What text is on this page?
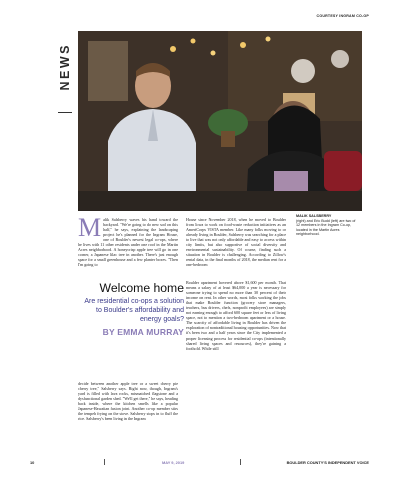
COURTESY INGRAM CO-OP
NEWS
MALIK SALSBERRY
(right) and Eric Budd (left) are two of 12 members in the Ingram Co-op, located in the Martin Acres neighborhood.
M alik Salsberry waves his hand toward the backyard. "We're going to do new sod on this half," he says, explaining the landscaping project he's planned for the Ingram House, one of Boulder's newest legal co-ops, where he lives with 11 other residents under one roof in the Martin Acres neighborhood. A honeycrisp apple tree will go in one corner, a Japanese lilac tree in another. There's just enough space for a small greenhouse and a few planter boxes. "Then I'm going to
House since November 2018, when he moved to Boulder from Iowa to work on food-waste reduction initiatives as an AmeriCorps VISTA member. Like many folks moving to or already living in Boulder, Salsberry was searching for a place to live that was not only affordable and easy to access within city limits, but also supportive of social diversity and environmental sustainability. Of course, finding such a situation in Boulder is challenging. According to Zillow's rental data, in the final months of 2018, the median rent for a one-bedroom
Welcome home
Are residential co-ops a solution to Boulder's affordability and energy goals?
BY EMMA MURRAY
Boulder apartment hovered above $1,600 per month. That means a salary of at least $64,000 a year is necessary for someone trying to spend no more than 30 percent of their income on rent. In other words, most folks working the jobs that make Boulder function (grocery store managers, teachers, bus drivers, chefs, nonprofit employees) are simply not earning enough to afford 600 square feet or less of living space, not to mention a two-bedroom apartment or a house. The scarcity of affordable living in Boulder has driven the exploration of nontraditional housing opportunities. Now that it's been two and a half years since the City implemented a proper licensing process for residential co-ops (intentionally shared living spaces and resources), they're gaining a foothold. While still
decide between another apple tree or a sweet cherry pie cherry tree," Salsberry says. Right now, though, Ingram's yard is filled with lava rocks, mismatched flagstone and a dysfunctional garden shed. "We'll get there," he says, heading back inside, where the kitchen smells like a popular Japanese-Hawaiian fusion joint. Another co-op member stirs the tempeh frying on the stove. Salsberry stops in to fluff the rice. Salsberry's been living in the Ingram
10	MAY 9, 2019	BOULDER COUNTY'S INDEPENDENT VOICE
